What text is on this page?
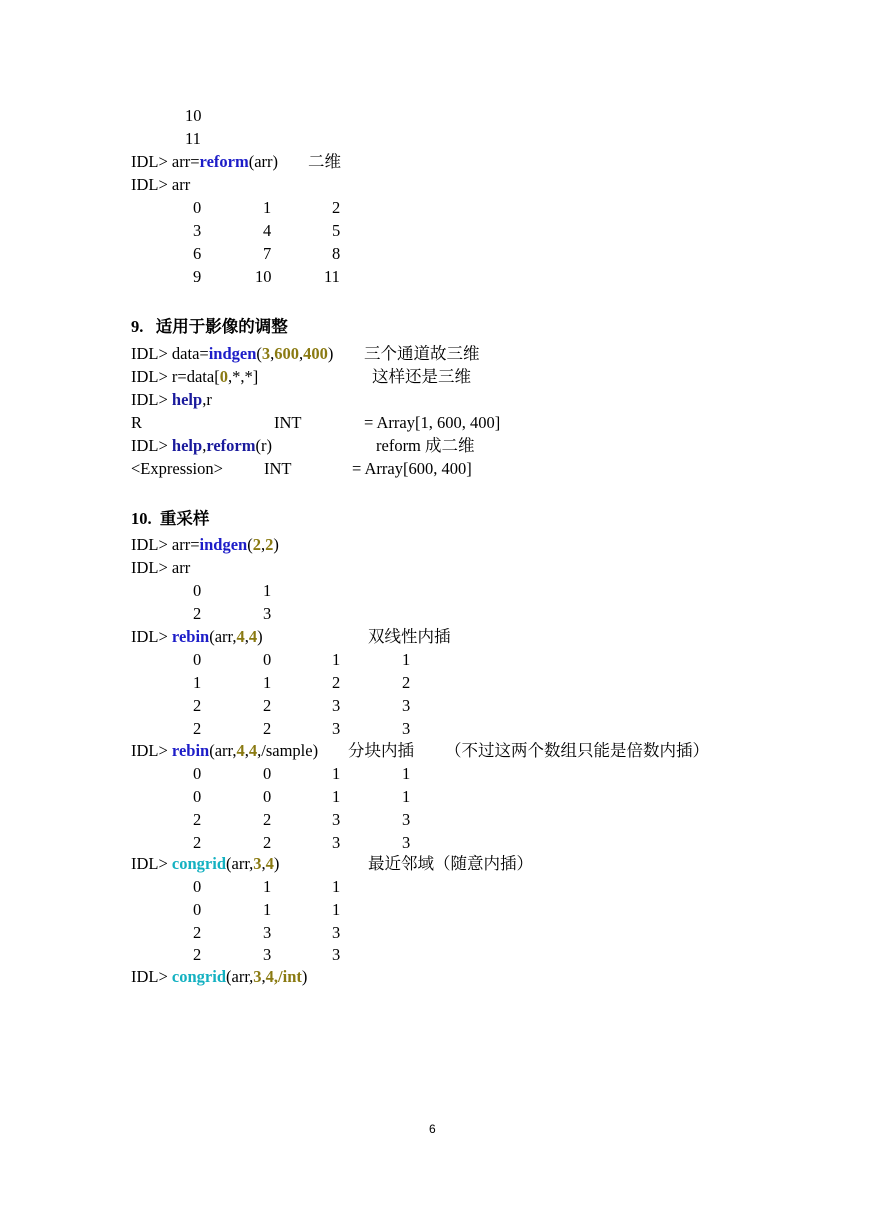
10
11
IDL> arr=reform(arr) 二维
IDL> arr
0	1	2
3	4	5
6	7	8
9	10	11
9.   适用于影像的调整
IDL> data=indgen(3,600,400) 三个通道故三维
IDL> r=data[0,*,*]	这样还是三维
IDL> help,r
R	INT	= Array[1, 600, 400]
IDL> help,reform(r)	reform 成二维
<Expression> INT	= Array[600, 400]
10.  重采样
IDL> arr=indgen(2,2)
IDL> arr
0	1
2	3
IDL> rebin(arr,4,4)	双线性内插
0	0	1	1
1	1	2	2
2	2	3	3
2	2	3	3
IDL> rebin(arr,4,4,/sample) 分块内插 （不过这两个数组只能是倍数内插）
0	0	1	1
0	0	1	1
2	2	3	3
2	2	3	3
IDL> congrid(arr,3,4)	最近邻域（随意内插）
0	1	1
0	1	1
2	3	3
2	3	3
IDL> congrid(arr,3,4,/int)
6
